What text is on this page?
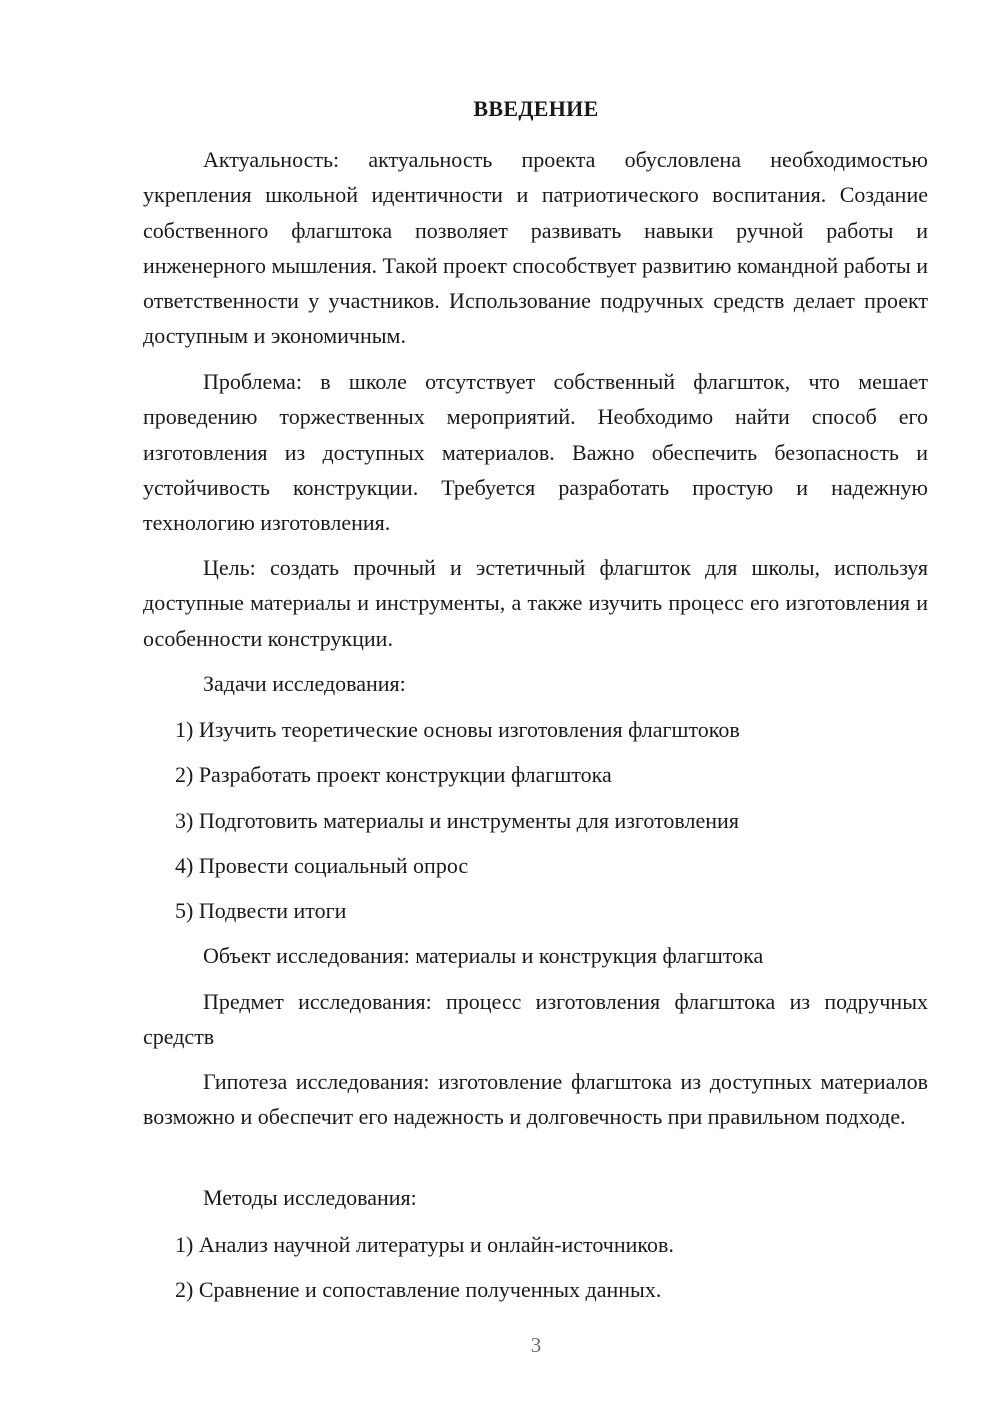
ВВЕДЕНИЕ

Актуальность: актуальность проекта обусловлена необходимостью укрепления школьной идентичности и патриотического воспитания. Создание собственного флагштока позволяет развивать навыки ручной работы и инженерного мышления. Такой проект способствует развитию командной работы и ответственности у участников. Использование подручных средств делает проект доступным и экономичным.

Проблема: в школе отсутствует собственный флагшток, что мешает проведению торжественных мероприятий. Необходимо найти способ его изготовления из доступных материалов. Важно обеспечить безопасность и устойчивость конструкции. Требуется разработать простую и надежную технологию изготовления.

Цель: создать прочный и эстетичный флагшток для школы, используя доступные материалы и инструменты, а также изучить процесс его изготовления и особенности конструкции.

Задачи исследования:

1) Изучить теоретические основы изготовления флагштоков

2) Разработать проект конструкции флагштока

3) Подготовить материалы и инструменты для изготовления

4) Провести социальный опрос

5) Подвести итоги

Объект исследования: материалы и конструкция флагштока

Предмет исследования: процесс изготовления флагштока из подручных средств

Гипотеза исследования: изготовление флагштока из доступных материалов возможно и обеспечит его надежность и долговечность при правильном подходе.

Методы исследования:

1) Анализ научной литературы и онлайн-источников.

2) Сравнение и сопоставление полученных данных.

3
